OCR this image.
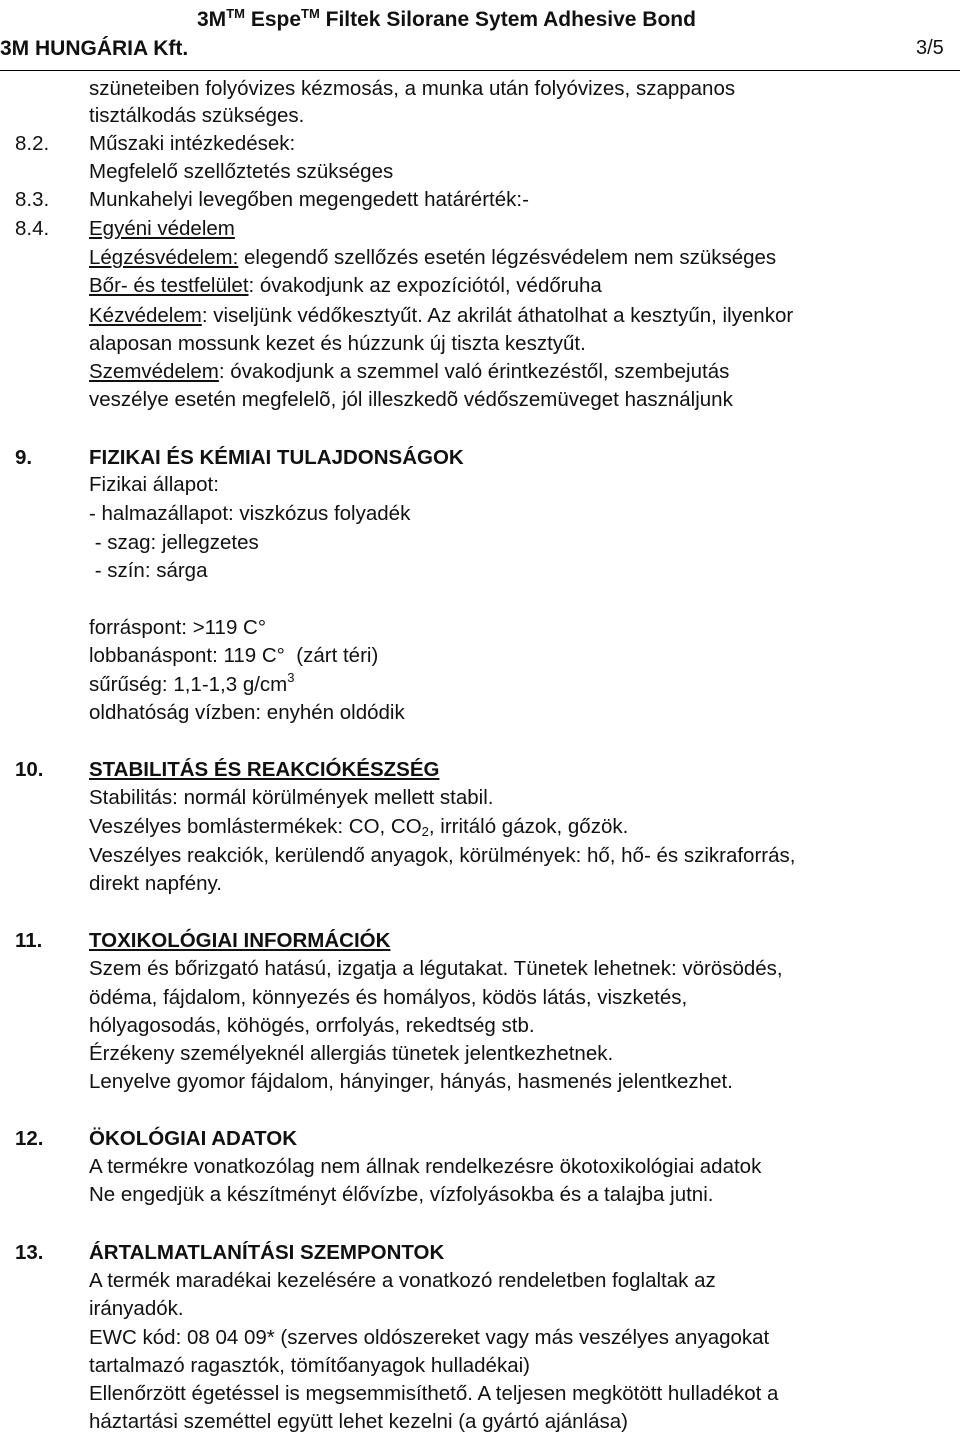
3M™ Espe™ Filtek Silorane Sytem Adhesive Bond
3M HUNGÁRIA Kft.	3/5
szüneteiben folyóvizes kézmosás, a munka után folyóvizes, szappanos
tisztálkodás szükséges.
8.2. Műszaki intézkedések:
Megfelelő szellőztetés szükséges
8.3. Munkahelyi levegőben megengedett határérték:-
8.4. Egyéni védelem
Légzésvédelem: elegendő szellőzés esetén légzésvédelem nem szükséges
Bőr- és testfelület: óvakodjunk az expozíciótól, védőruha
Kézvédelem: viseljünk védőkesztyűt. Az akrilát áthatolhat a kesztyűn, ilyenkor
alaposan mossunk kezet és húzzunk új tiszta kesztyűt.
Szemvédelem: óvakodjunk a szemmel való érintkezéstől, szembejutás
veszélye esetén megfelelõ, jól illeszkedõ védőszemüveget használjunk
9.	FIZIKAI ÉS KÉMIAI TULAJDONSÁGOK
Fizikai állapot:
- halmazállapot: viszkózus folyadék
- szag: jellegzetes
- szín: sárga
forráspont: >119 C°
lobbanáspont: 119 C°  (zárt téri)
sűrűség: 1,1-1,3 $g/cm^3$
oldhatóság vízben: enyhén oldódik
10. STABILITÁS ÉS REAKCIÓKÉSZSÉG
Stabilitás: normál körülmények mellett stabil.
Veszélyes bomlástermékek: CO, $CO_2$, irritáló gázok, gőzök.
Veszélyes reakciók, kerülendő anyagok, körülmények: hő, hő- és szikraforrás,
direkt napfény.
11. TOXIKOLÓGIAI INFORMÁCIÓK
Szem és bőrizgató hatású, izgatja a légutakat. Tünetek lehetnek: vörösödés,
ödéma, fájdalom, könnyezés és homályos, ködös látás, viszketés,
hólyagosodás, köhögés, orrfolyás, rekedtség stb.
Érzékeny személyeknél allergiás tünetek jelentkezhetnek.
Lenyelve gyomor fájdalom, hányinger, hányás, hasmenés jelentkezhet.
12. ÖKOLÓGIAI ADATOK
A termékre vonatkozólag nem állnak rendelkezésre ökotoxikológiai adatok
Ne engedjük a készítményt élővízbe, vízfolyásokba és a talajba jutni.
13. ÁRTALMATLANÍTÁSI SZEMPONTOK
A termék maradékai kezelésére a vonatkozó rendeletben foglaltak az
irányadók.
EWC kód: 08 04 09* (szerves oldószereket vagy más veszélyes anyagokat
tartalmazó ragasztók, tömítőanyagok hulladékai)
Ellenőrzött égetéssel is megsemmisíthető. A teljesen megkötött hulladékot a
háztartási szeméttel együtt lehet kezelni (a gyártó ajánlása)
